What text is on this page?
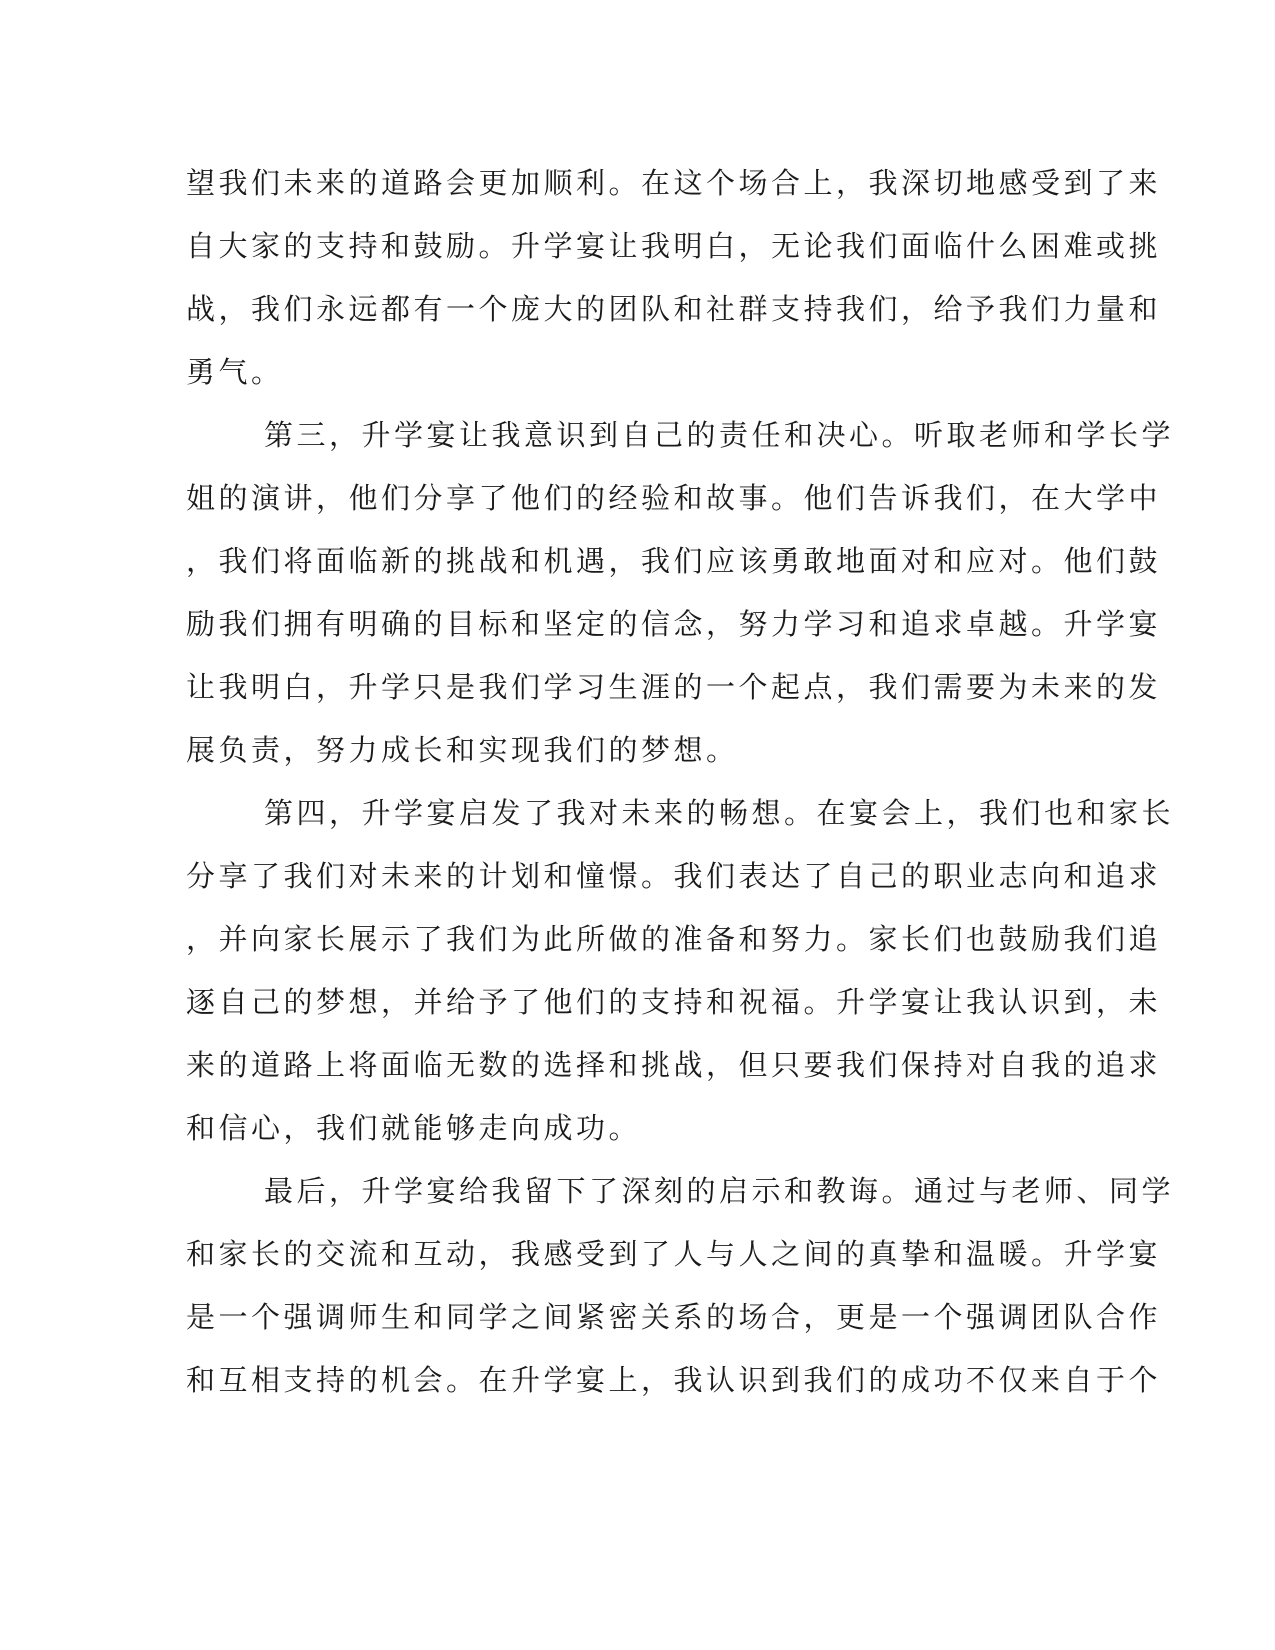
望我们未来的道路会更加顺利。在这个场合上，我深切地感受到了来
自大家的支持和鼓励。升学宴让我明白，无论我们面临什么困难或挑
战，我们永远都有一个庞大的团队和社群支持我们，给予我们力量和
勇气。
第三，升学宴让我意识到自己的责任和决心。听取老师和学长学
姐的演讲，他们分享了他们的经验和故事。他们告诉我们，在大学中
，我们将面临新的挑战和机遇，我们应该勇敢地面对和应对。他们鼓
励我们拥有明确的目标和坚定的信念，努力学习和追求卓越。升学宴
让我明白，升学只是我们学习生涯的一个起点，我们需要为未来的发
展负责，努力成长和实现我们的梦想。
第四，升学宴启发了我对未来的畅想。在宴会上，我们也和家长
分享了我们对未来的计划和憧憬。我们表达了自己的职业志向和追求
，并向家长展示了我们为此所做的准备和努力。家长们也鼓励我们追
逐自己的梦想，并给予了他们的支持和祝福。升学宴让我认识到，未
来的道路上将面临无数的选择和挑战，但只要我们保持对自我的追求
和信心，我们就能够走向成功。
最后，升学宴给我留下了深刻的启示和教诲。通过与老师、同学
和家长的交流和互动，我感受到了人与人之间的真挚和温暖。升学宴
是一个强调师生和同学之间紧密关系的场合，更是一个强调团队合作
和互相支持的机会。在升学宴上，我认识到我们的成功不仅来自于个
